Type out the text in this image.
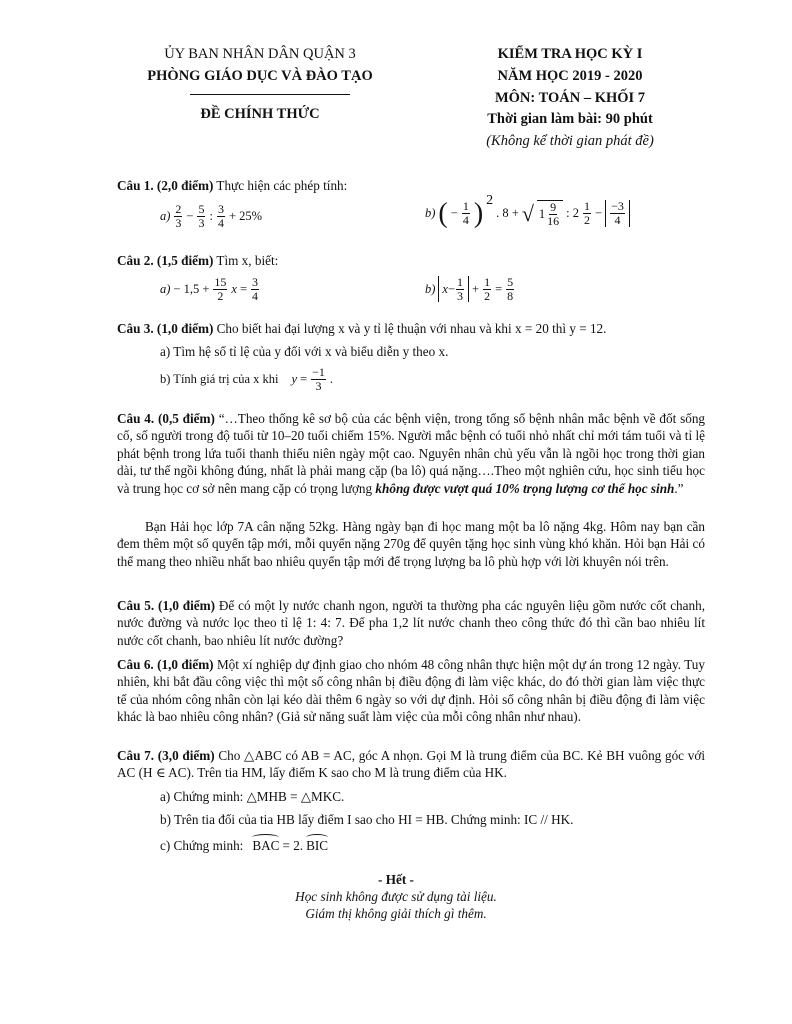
ỦY BAN NHÂN DÂN QUẬN 3
PHÒNG GIÁO DỤC VÀ ĐÀO TẠO
ĐỀ CHÍNH THỨC
KIỂM TRA HỌC KỲ I
NĂM HỌC 2019 - 2020
MÔN: TOÁN – KHỐI 7
Thời gian làm bài: 90 phút
(Không kể thời gian phát đề)
Câu 1. (2,0 điểm) Thực hiện các phép tính:
$a) \frac{2}{3} - \frac{5}{3}$ : $\frac{3}{4} + 25\%$	b) ( − $\frac{1}{4}$ ) 2
. 8 + √ $1 \frac{9}{16}$ : $2 \frac{1}{2} - \frac{-3}{4}$
Câu 2. (1,5 điểm) Tìm x, biết:
$a) - 1,5 + \frac{15}{2}$ $x = \frac{3}{4}$	b) $x - \frac{1}{3} + \frac{1}{2} = \frac{5}{8}$
Câu 3. (1,0 điểm) Cho biết hai đại lượng x và y tỉ lệ thuận với nhau và khi x = 20 thì y = 12.
a) Tìm hệ số tỉ lệ của y đối với x và biểu diễn y theo x.
b) Tính giá trị của x khi $y = \frac{-1}{3}$ .
Câu 4. (0,5 điểm) “…Theo thống kê sơ bộ của các bệnh viện, trong tổng số bệnh nhân mắc bệnh về đốt sống cổ, số người trong độ tuổi từ 10–20 tuổi chiếm 15%. Người mắc bệnh có tuổi nhỏ nhất chỉ mới tám tuổi và tỉ lệ phát bệnh trong lứa tuổi thanh thiếu niên ngày một cao. Nguyên nhân chủ yếu vẫn là ngồi học trong thời gian dài, tư thế ngồi không đúng, nhất là phải mang cặp (ba lô) quá nặng….Theo một nghiên cứu, học sinh tiểu học và trung học cơ sở nên mang cặp có trọng lượng không được vượt quá 10% trọng lượng cơ thể học sinh.”
Bạn Hải học lớp 7A cân nặng 52kg. Hàng ngày bạn đi học mang một ba lô nặng 4kg. Hôm nay bạn cần đem thêm một số quyển tập mới, mỗi quyển nặng 270g để quyên tặng học sinh vùng khó khăn. Hỏi bạn Hải có thể mang theo nhiều nhất bao nhiêu quyển tập mới để trọng lượng ba lô phù hợp với lời khuyên nói trên.
Câu 5. (1,0 điểm) Để có một ly nước chanh ngon, người ta thường pha các nguyên liệu gồm nước cốt chanh, nước đường và nước lọc theo tỉ lệ 1: 4: 7. Để pha 1,2 lít nước chanh theo công thức đó thì cần bao nhiêu lít nước cốt chanh, bao nhiêu lít nước đường?
Câu 6. (1,0 điểm) Một xí nghiệp dự định giao cho nhóm 48 công nhân thực hiện một dự án trong 12 ngày. Tuy nhiên, khi bắt đầu công việc thì một số công nhân bị điều động đi làm việc khác, do đó thời gian làm việc thực tế của nhóm công nhân còn lại kéo dài thêm 6 ngày so với dự định. Hỏi số công nhân bị điều động đi làm việc khác là bao nhiêu công nhân? (Giả sử năng suất làm việc của mỗi công nhân như nhau).
Câu 7. (3,0 điểm) Cho △ABC có AB = AC, góc A nhọn. Gọi M là trung điểm của BC. Kẻ BH vuông góc với AC (H ∈ AC). Trên tia HM, lấy điểm K sao cho M là trung điểm của HK.
a) Chứng minh: △MHB = △MKC.
b) Trên tia đối của tia HB lấy điểm I sao cho HI = HB. Chứng minh: IC // HK.
c) Chứng minh: BAC = 2. BIC
- Hết -
Học sinh không được sử dụng tài liệu.
Giám thị không giải thích gì thêm.
